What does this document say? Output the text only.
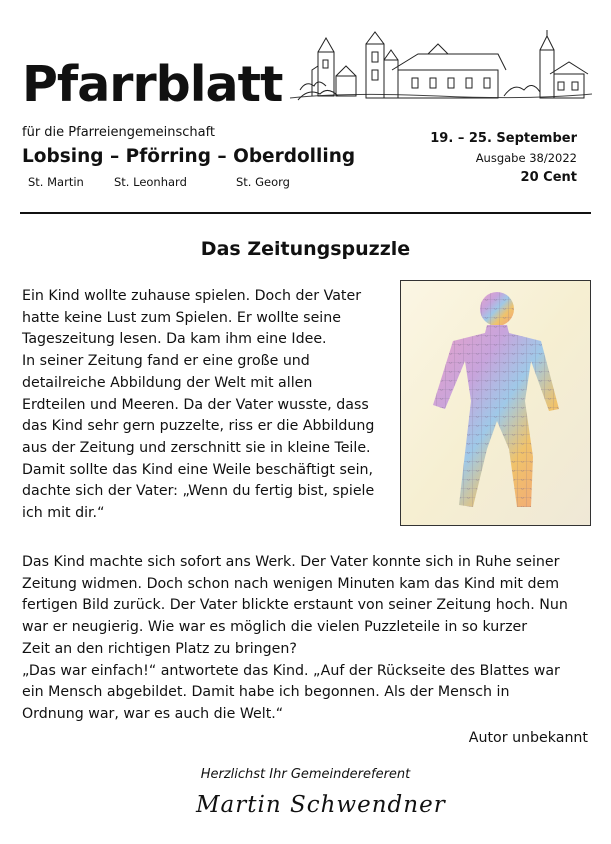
Pfarrblatt
für die Pfarreiengemeinschaft
Lobsing – Pförring – Oberdolling
St. Martin	St. Leonhard	St. Georg
19. – 25. September
Ausgabe 38/2022
20 Cent
Das Zeitungspuzzle
Ein Kind wollte zuhause spielen. Doch der Vater
hatte keine Lust zum Spielen. Er wollte seine
Tageszeitung lesen. Da kam ihm eine Idee.
In seiner Zeitung fand er eine große und
detailreiche Abbildung der Welt mit allen
Erdteilen und Meeren. Da der Vater wusste, dass
das Kind sehr gern puzzelte, riss er die Abbildung
aus der Zeitung und zerschnitt sie in kleine Teile.
Damit sollte das Kind eine Weile beschäftigt sein,
dachte sich der Vater: „Wenn du fertig bist, spiele
ich mit dir.“
Das Kind machte sich sofort ans Werk. Der Vater konnte sich in Ruhe seiner
Zeitung widmen. Doch schon nach wenigen Minuten kam das Kind mit dem
fertigen Bild zurück. Der Vater blickte erstaunt von seiner Zeitung hoch. Nun
war er neugierig. Wie war es möglich die vielen Puzzleteile in so kurzer
Zeit an den richtigen Platz zu bringen?
„Das war einfach!“ antwortete das Kind. „Auf der Rückseite des Blattes war
ein Mensch abgebildet. Damit habe ich begonnen. Als der Mensch in
Ordnung war, war es auch die Welt.“
Autor unbekannt
Herzlichst Ihr Gemeindereferent
Martin Schwendner
